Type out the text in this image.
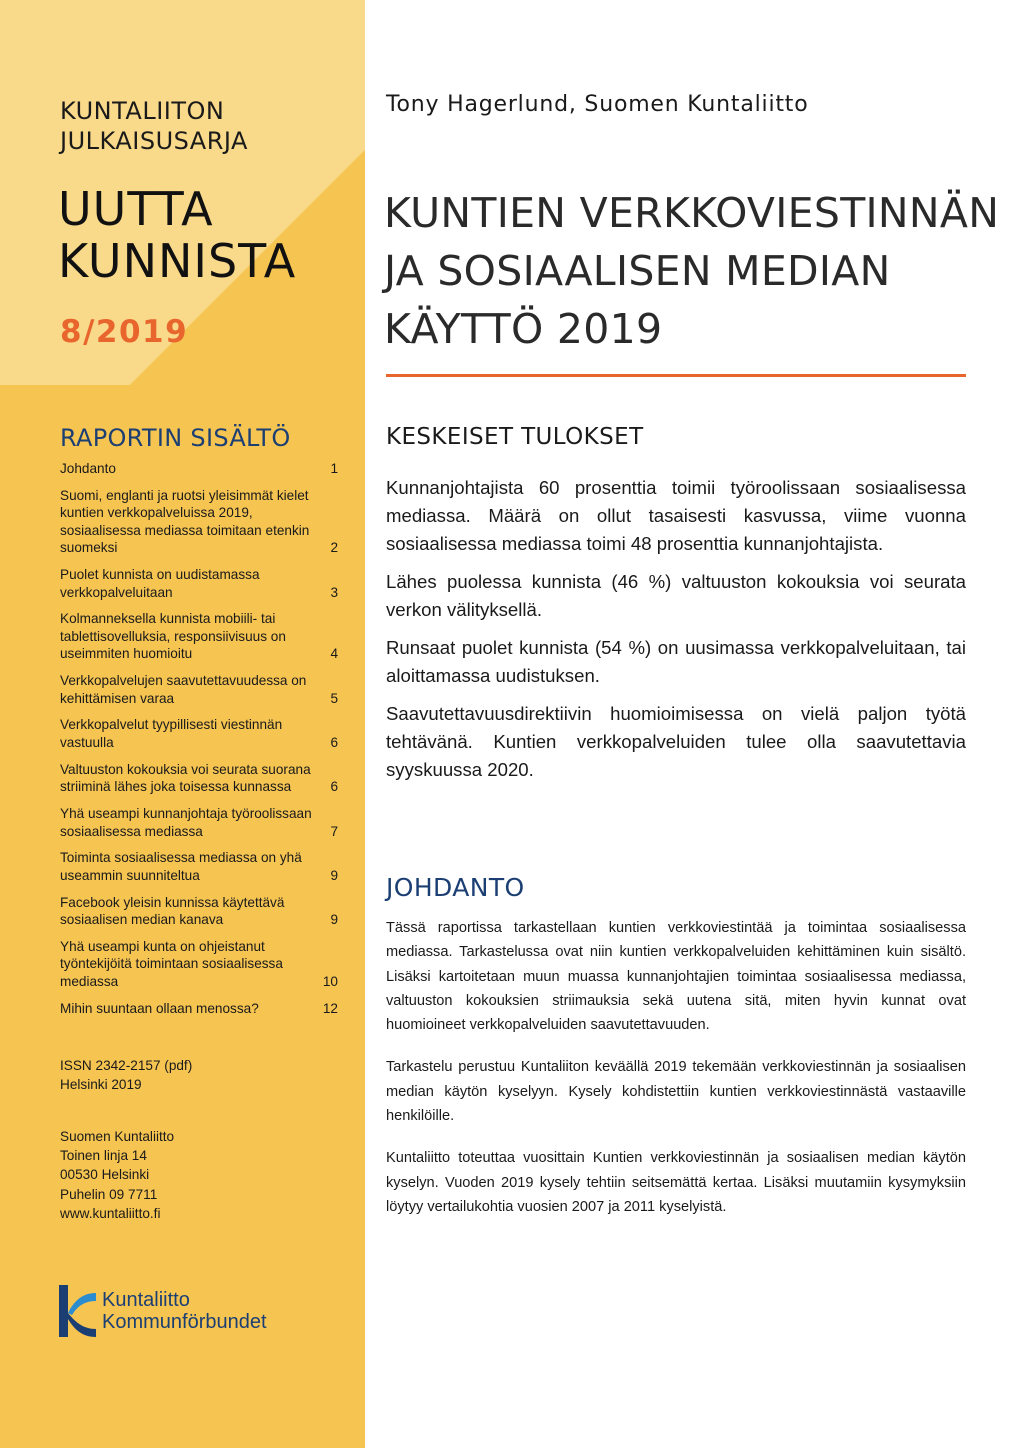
KUNTALIITON
JULKAISUSARJA
UUTTA
KUNNISTA
8/2019
RAPORTIN SISÄLTÖ
Johdanto	1
Suomi, englanti ja ruotsi yleisimmät kielet kuntien verkkopalveluissa 2019, sosiaalisessa mediassa toimitaan etenkin suomeksi	2
Puolet kunnista on uudistamassa verkkopalveluitaan	3
Kolmanneksella kunnista mobiili- tai tablettisovelluksia, responsiivisuus on useimmiten huomioitu	4
Verkkopalvelujen saavutettavuudessa on kehittämisen varaa	5
Verkkopalvelut tyypillisesti viestinnän vastuulla	6
Valtuuston kokouksia voi seurata suorana striiminä lähes joka toisessa kunnassa	6
Yhä useampi kunnanjohtaja työroolissaan sosiaalisessa mediassa	7
Toiminta sosiaalisessa mediassa on yhä useammin suunniteltua	9
Facebook yleisin kunnissa käytettävä sosiaalisen median kanava	9
Yhä useampi kunta on ohjeistanut työntekijöitä toimintaan sosiaalisessa mediassa	10
Mihin suuntaan ollaan menossa?	12
ISSN 2342-2157 (pdf)
Helsinki 2019
Suomen Kuntaliitto
Toinen linja 14
00530 Helsinki
Puhelin 09 7711
www.kuntaliitto.fi
Kuntaliitto
Kommunförbundet
Tony Hagerlund, Suomen Kuntaliitto
KUNTIEN VERKKOVIESTINNÄN
JA SOSIAALISEN MEDIAN
KÄYTTÖ 2019
KESKEISET TULOKSET

Kunnanjohtajista 60 prosenttia toimii työroolissaan sosiaalisessa mediassa. Määrä on ollut tasaisesti kasvussa, viime vuonna sosiaalisessa mediassa toimi 48 prosenttia kunnanjohtajista.

Lähes puolessa kunnista (46 %) valtuuston kokouksia voi seurata verkon välityksellä.

Runsaat puolet kunnista (54 %) on uusimassa verkkopalveluitaan, tai aloittamassa uudistuksen.

Saavutettavuusdirektiivin huomioimisessa on vielä paljon työtä tehtävänä. Kuntien verkkopalveluiden tulee olla saavutettavia syyskuussa 2020.

JOHDANTO

Tässä raportissa tarkastellaan kuntien verkkoviestintää ja toimintaa sosiaalisessa mediassa. Tarkastelussa ovat niin kuntien verkkopalveluiden kehittäminen kuin sisältö. Lisäksi kartoitetaan muun muassa kunnanjohtajien toimintaa sosiaalisessa mediassa, valtuuston kokouksien striimauksia sekä uutena sitä, miten hyvin kunnat ovat huomioineet verkkopalveluiden saavutettavuuden.

Tarkastelu perustuu Kuntaliiton keväällä 2019 tekemään verkkoviestinnän ja sosiaalisen median käytön kyselyyn. Kysely kohdistettiin kuntien verkkoviestinnästä vastaaville henkilöille.

Kuntaliitto toteuttaa vuosittain Kuntien verkkoviestinnän ja sosiaalisen median käytön kyselyn. Vuoden 2019 kysely tehtiin seitsemättä kertaa. Lisäksi muutamiin kysymyksiin löytyy vertailukohtia vuosien 2007 ja 2011 kyselyistä.
